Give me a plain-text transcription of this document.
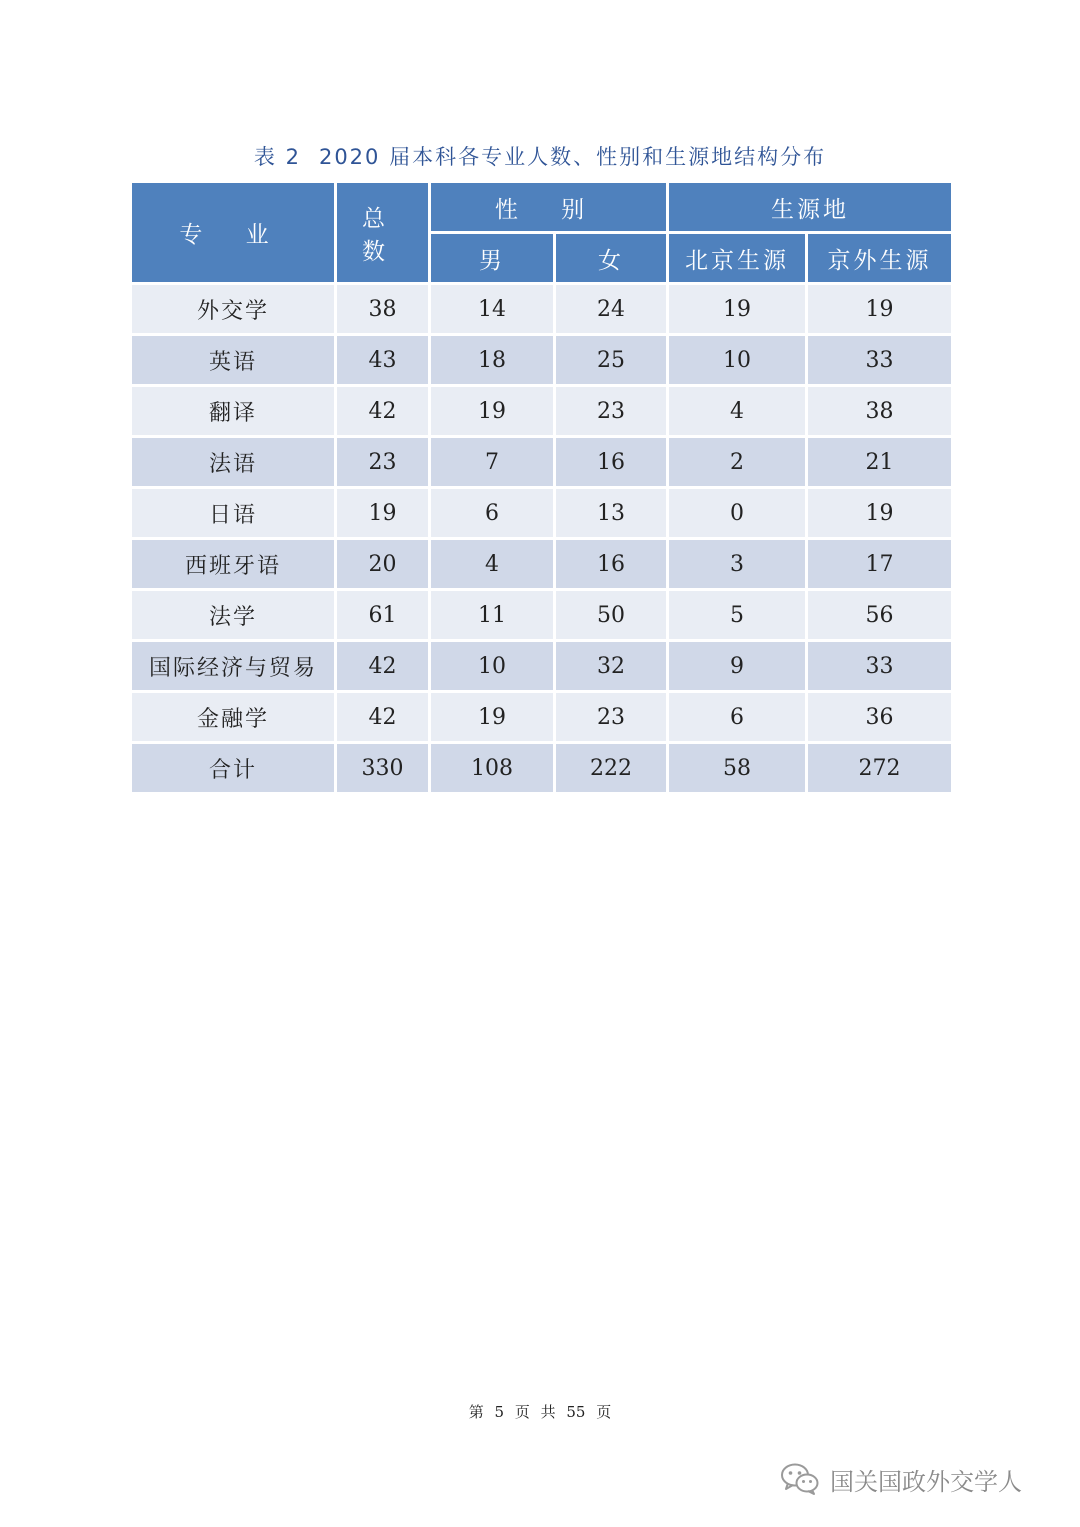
表 2 2020 届本科各专业人数、性别和生源地结构分布
专 业	总 数	性 别		生源地	
		男	女	北京生源	京外生源
外交学	38	14	24	19	19
英语	43	18	25	10	33
翻译	42	19	23	4	38
法语	23	7	16	2	21
日语	19	6	13	0	19
西班牙语	20	4	16	3	17
法学	61	11	50	5	56
国际经济与贸易	42	10	32	9	33
金融学	42	19	23	6	36
合计	330	108	222	58	272
第 5 页 共 55 页
国关国政外交学人
